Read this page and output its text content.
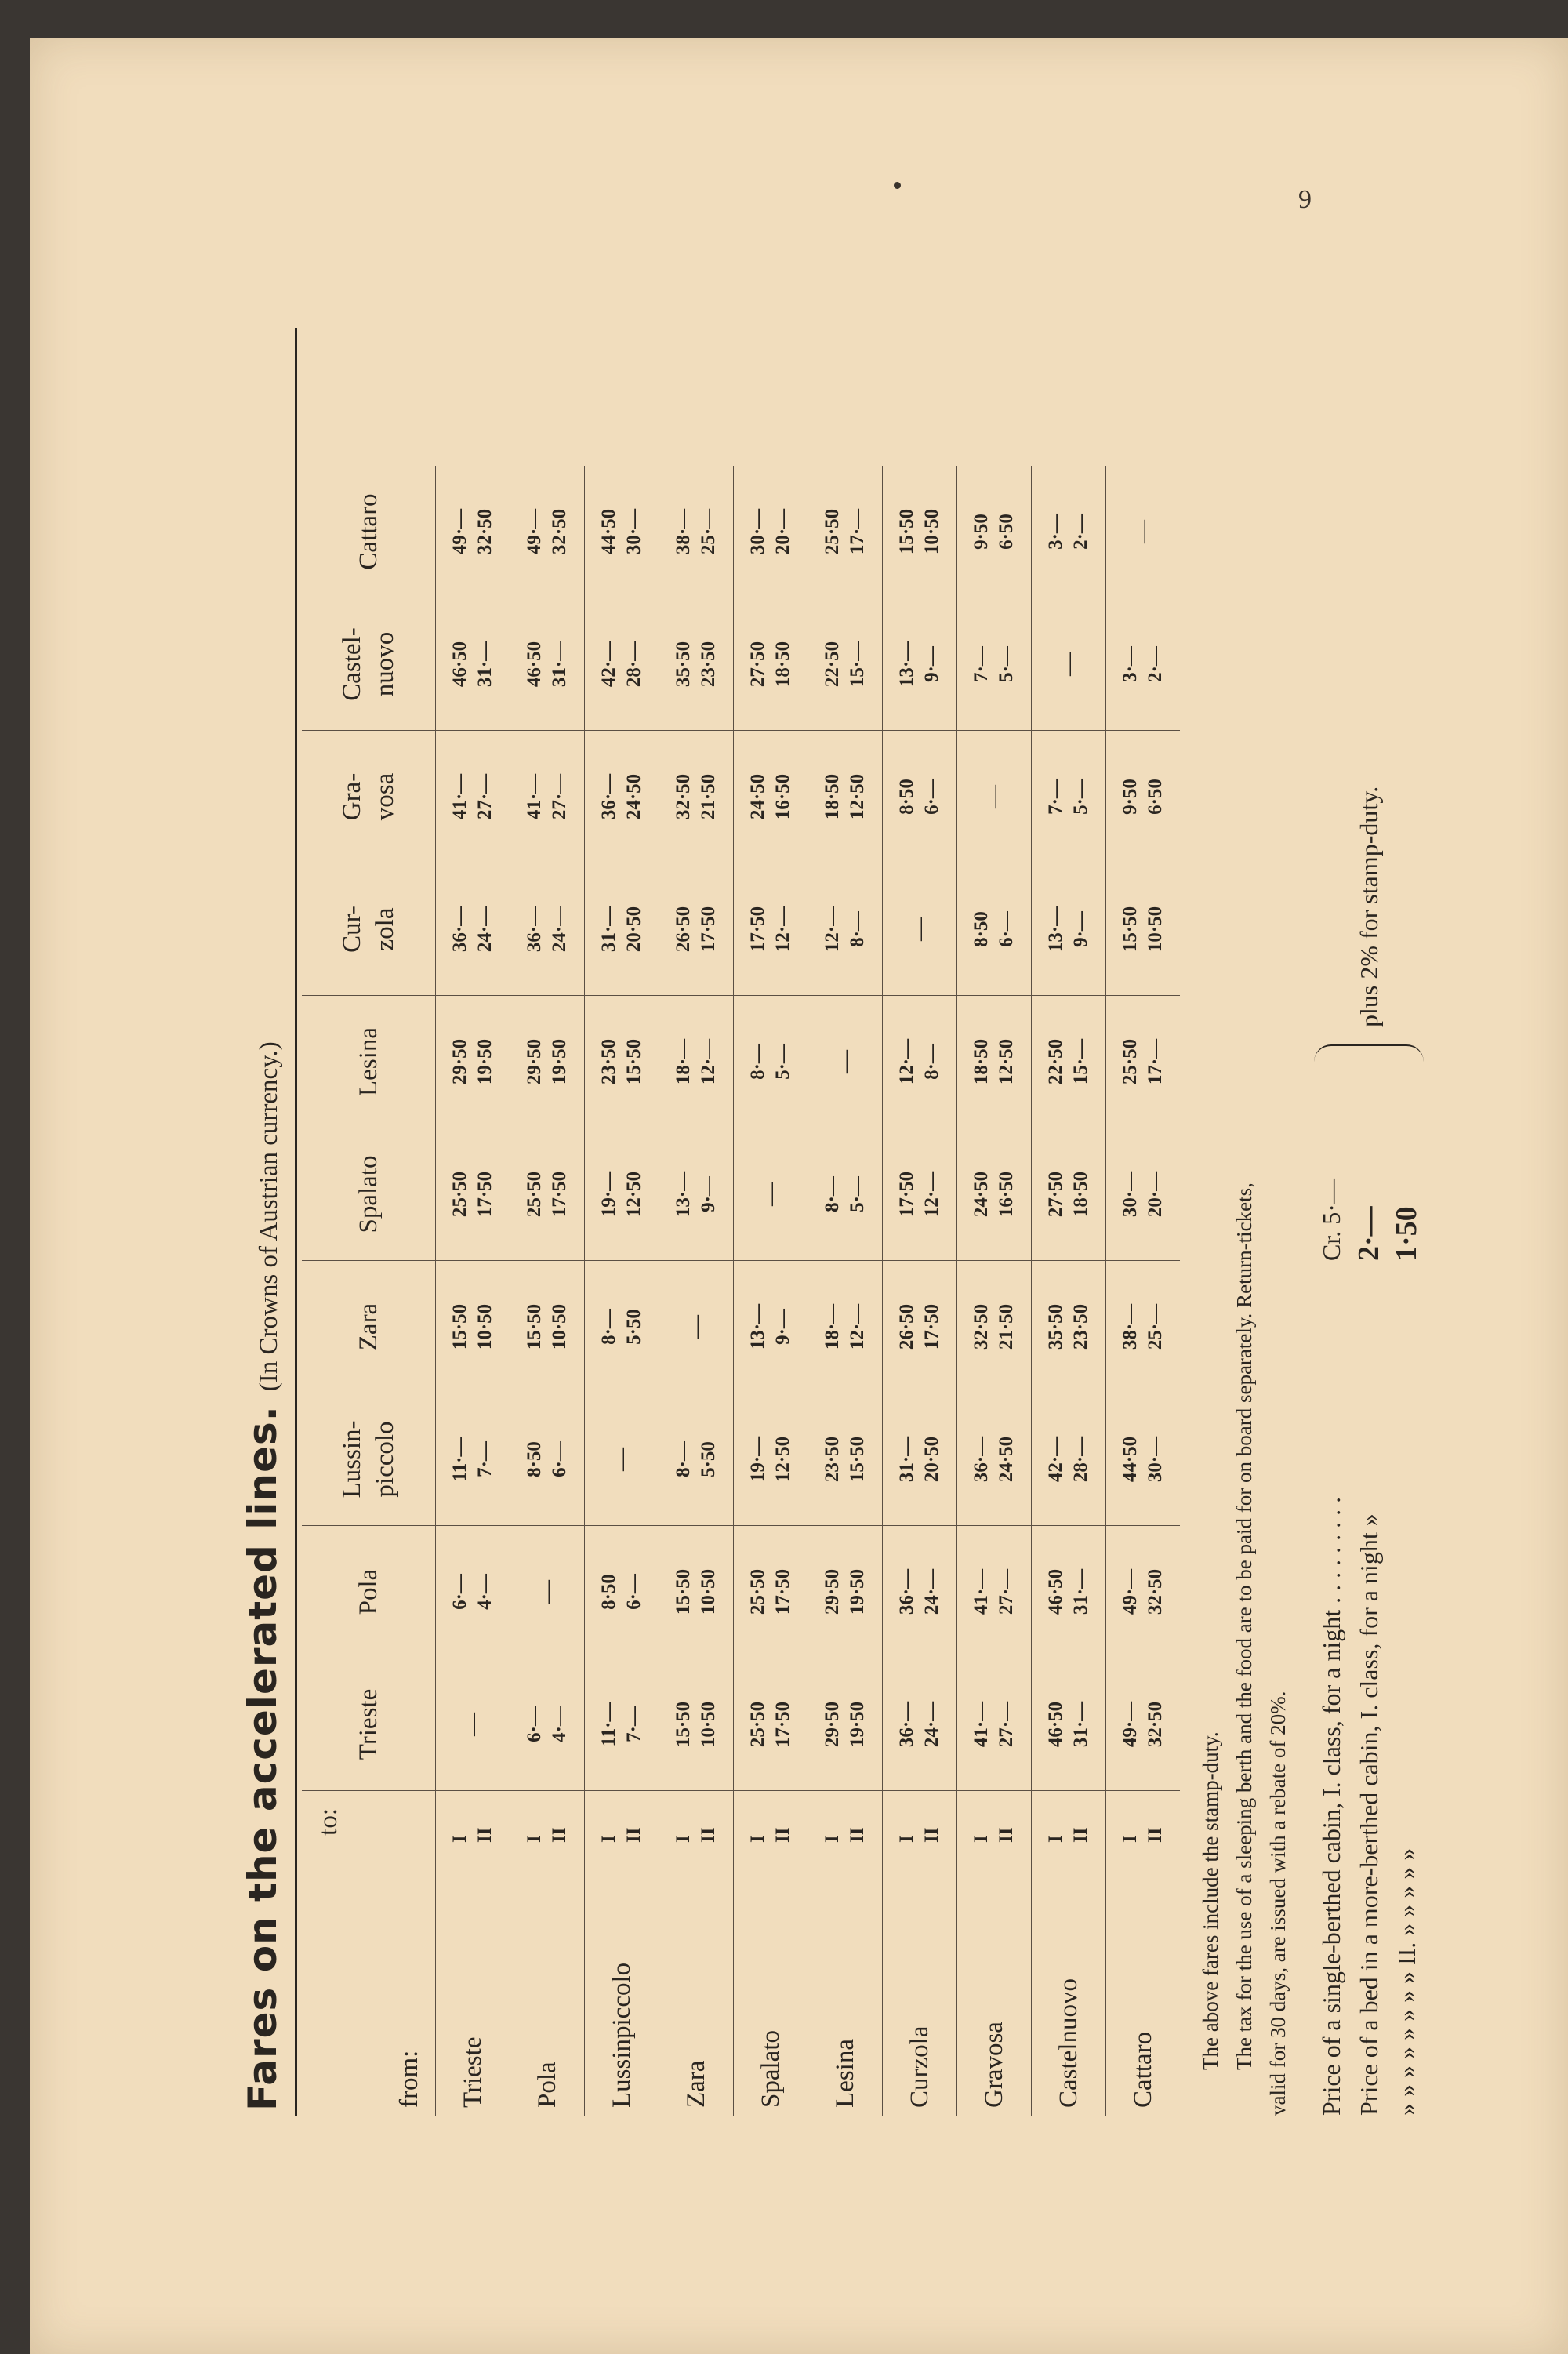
9
Fares on the accelerated lines.
(In Crowns of Austrian currency.)
to:
from:	Trieste	Pola	Lussin- piccolo	Zara	Spalato	Lesina	Cur- zola	Gra- vosa	Castel- nuovo	Cattaro

Trieste
I II	—	6·— 4·—	11·— 7·—	15·50 10·50	25·50 17·50	29·50 19·50	36·— 24·—	41·— 27·—	46·50 31·—	49·— 32·50

Pola
I II	6·— 4·—	—	8·50 6·—	15·50 10·50	25·50 17·50	29·50 19·50	36·— 24·—	41·— 27·—	46·50 31·—	49·— 32·50

Lussinpiccolo
I II	11·— 7·—	8·50 6·—	—	8·— 5·50	19·— 12·50	23·50 15·50	31·— 20·50	36·— 24·50	42·— 28·—	44·50 30·—

Zara
I II	15·50 10·50	15·50 10·50	8·— 5·50	—	13·— 9·—	18·— 12·—	26·50 17·50	32·50 21·50	35·50 23·50	38·— 25·—

Spalato
I II	25·50 17·50	25·50 17·50	19·— 12·50	13·— 9·—	—	8·— 5·—	17·50 12·—	24·50 16·50	27·50 18·50	30·— 20·—

Lesina
I II	29·50 19·50	29·50 19·50	23·50 15·50	18·— 12·—	8·— 5·—	—	12·— 8·—	18·50 12·50	22·50 15·—	25·50 17·—

Curzola
I II	36·— 24·—	36·— 24·—	31·— 20·50	26·50 17·50	17·50 12·—	12·— 8·—	—	8·50 6·—	13·— 9·—	15·50 10·50

Gravosa
I II	41·— 27·—	41·— 27·—	36·— 24·50	32·50 21·50	24·50 16·50	18·50 12·50	8·50 6·—	—	7·— 5·—	9·50 6·50

Castelnuovo
I II	46·50 31·—	46·50 31·—	42·— 28·—	35·50 23·50	27·50 18·50	22·50 15·—	13·— 9·—	7·— 5·—	—	3·— 2·—

Cattaro
I II	49·— 32·50	49·— 32·50	44·50 30·—	38·— 25·—	30·— 20·—	25·50 17·—	15·50 10·50	9·50 6·50	3·— 2·—	—

The above fares include the stamp-duty. The tax for the use of a sleeping berth and the food are to be paid for on board separately. Return-tickets, valid for 30 days, are issued with a rebate of 20%. Price of a single-berthed cabin, I. class, for a night . . . . . . . . .
Cr. 5·—
Price of a bed in a more-berthed cabin, I. class, for a night »
2·—
» » » » » » » » II. » » » » »
1·50
plus 2% for stamp-duty.
